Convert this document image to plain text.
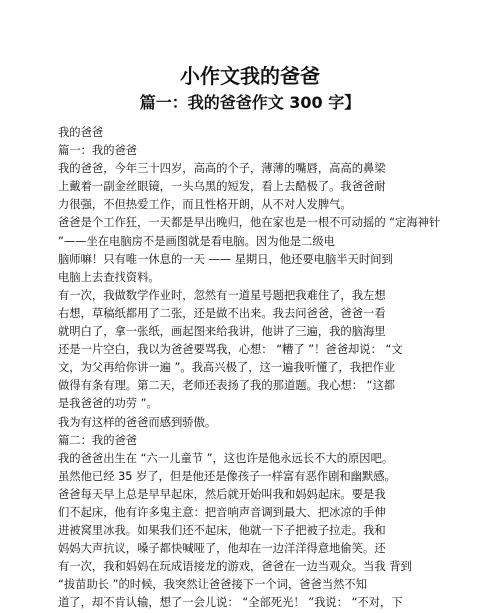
小作文我的爸爸
篇一：我的爸爸作文 300 字】
我的爸爸
篇一：我的爸爸
我的爸爸，今年三十四岁，高高的个子，薄薄的嘴唇，高高的鼻梁
上戴着一副金丝眼镜，一头乌黑的短发，看上去酷极了。我爸爸耐
力很强，不但热爱工作，而且性格开朗，从不对人发脾气。
爸爸是个工作狂，一天都是早出晚归，他在家也是一根不可动摇的 “定海神针
”——坐在电脑房不是画图就是看电脑。因为他是二级电
脑师嘛！只有唯一休息的一天 —— 星期日，他还要电脑半天时间到
电脑上去查找资料。
有一次，我做数学作业时，忽然有一道星号题把我难住了，我左想
右想，草稿纸都用了二张，还是做不出来。我去问爸爸，爸爸一看
就明白了，拿一张纸，画起图来给我讲，他讲了三遍，我的脑海里
还是一片空白，我以为爸爸要骂我，心想： “糟了 ”！爸爸却说： “文
文，为父再给你讲一遍 ”。我高兴极了，这一遍我听懂了，我把作业
做得有条有理。第二天，老师还表扬了我的那道题。我心想： “这都
是我爸爸的功劳 ”。
我为有这样的爸爸而感到骄傲。
篇二：我的爸爸
我的爸爸出生在 “六一儿童节 ”，这也许是他永远长不大的原因吧。
虽然他已经 35 岁了，但是他还是像孩子一样富有恶作剧和幽默感。
爸爸每天早上总是早早起床，然后就开始叫我和妈妈起床。要是我
们不起床，他有许多鬼主意：把音响声音调到最大、把冰凉的手伸
进被窝里冰我。如果我们还不起床，他就一下子把被子拉走。我和
妈妈大声抗议，嗓子都快喊哑了，他却在一边洋洋得意地偷笑。还
有一次，我和妈妈在玩成语接龙的游戏，爸爸在一边当观众。当我 背到
“拔苗助长 ”的时候，我突然让爸爸接下一个词，爸爸当然不知
道了，却不肯认输，想了一会儿说： “全部死光！ ”我说： “不对，下
